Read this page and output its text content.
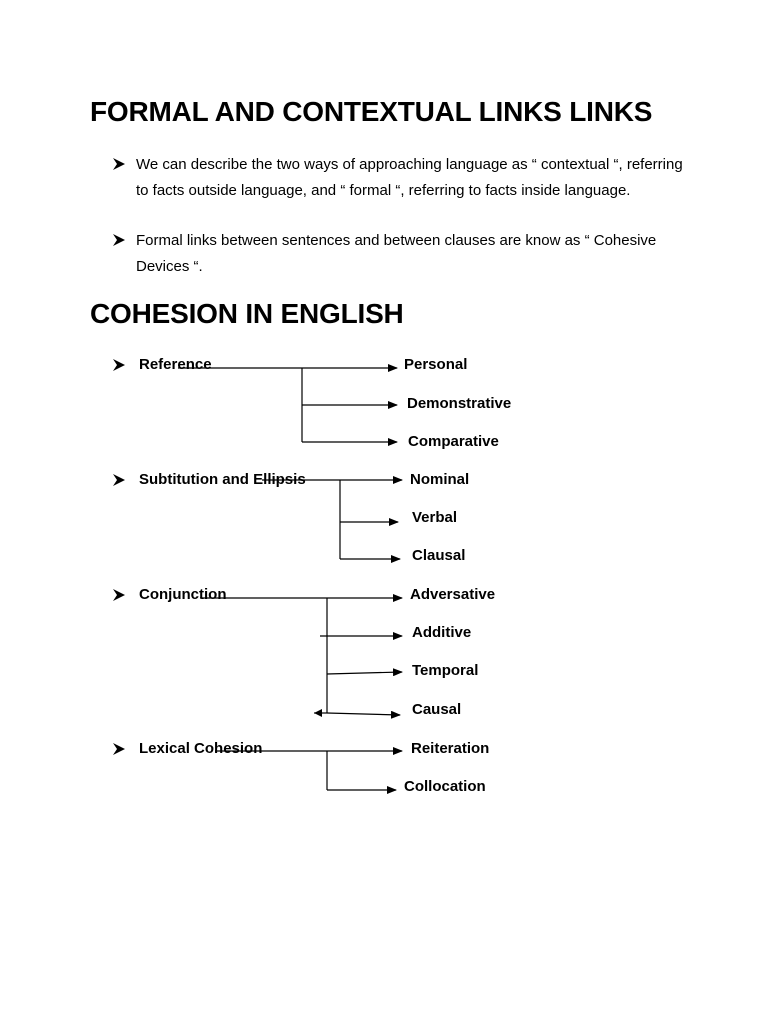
FORMAL AND CONTEXTUAL LINKS LINKS

We can describe the two ways of approaching language as “ contextual “, referring to facts outside language, and “ formal “, referring to facts inside language.

Formal links between sentences and between clauses are know as “ Cohesive Devices “.

COHESION IN ENGLISH
Reference
Subtitution and Ellipsis
Conjunction
Lexical Cohesion
Personal
Demonstrative
Comparative
Nominal
Verbal
Clausal
Adversative
Additive
Temporal
Causal
Reiteration
Collocation
